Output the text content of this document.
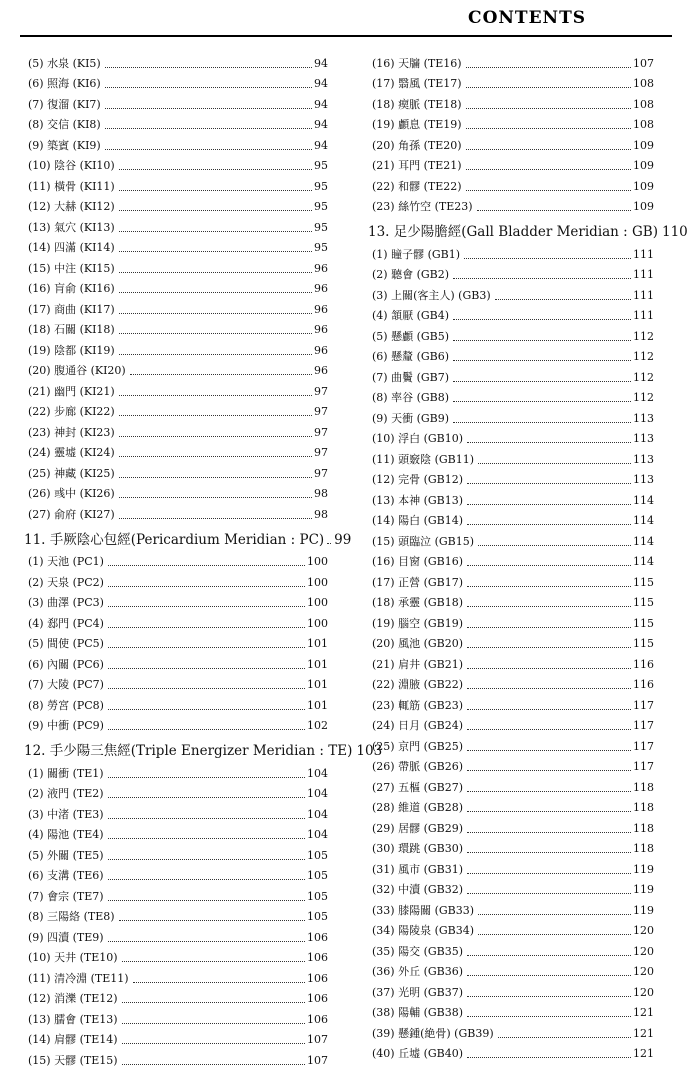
CONTENTS
(5) 水泉 (KI5)	94
(6) 照海 (KI6)	94
(7) 復溜 (KI7)	94
(8) 交信 (KI8)	94
(9) 築賓 (KI9)	94
(10) 陰谷 (KI10)	95
(11) 橫骨 (KI11)	95
(12) 大赫 (KI12)	95
(13) 氣穴 (KI13)	95
(14) 四滿 (KI14)	95
(15) 中注 (KI15)	96
(16) 肓俞 (KI16)	96
(17) 商曲 (KI17)	96
(18) 石關 (KI18)	96
(19) 陰都 (KI19)	96
(20) 腹通谷 (KI20)	96
(21) 幽門 (KI21)	97
(22) 步廊 (KI22)	97
(23) 神封 (KI23)	97
(24) 靈墟 (KI24)	97
(25) 神藏 (KI25)	97
(26) 彧中 (KI26)	98
(27) 俞府 (KI27)	98
11. 手厥陰心包經(Pericardium Meridian : PC) 99
(1) 天池 (PC1)	100
(2) 天泉 (PC2)	100
(3) 曲澤 (PC3)	100
(4) 郄門 (PC4)	100
(5) 間使 (PC5)	101
(6) 內關 (PC6)	101
(7) 大陵 (PC7)	101
(8) 勞宮 (PC8)	101
(9) 中衝 (PC9)	102
12. 手少陽三焦經(Triple Energizer Meridian : TE) 103
(1) 關衝 (TE1)	104
(2) 液門 (TE2)	104
(3) 中渚 (TE3)	104
(4) 陽池 (TE4)	104
(5) 外關 (TE5)	105
(6) 支溝 (TE6)	105
(7) 會宗 (TE7)	105
(8) 三陽絡 (TE8)	105
(9) 四瀆 (TE9)	106
(10) 天井 (TE10)	106
(11) 清冷淵 (TE11)	106
(12) 消濼 (TE12)	106
(13) 臑會 (TE13)	106
(14) 肩髎 (TE14)	107
(15) 天髎 (TE15)	107
(16) 天牖 (TE16)	107
(17) 翳風 (TE17)	108
(18) 瘈脈 (TE18)	108
(19) 顱息 (TE19)	108
(20) 角孫 (TE20)	109
(21) 耳門 (TE21)	109
(22) 和髎 (TE22)	109
(23) 絲竹空 (TE23)	109
13. 足少陽膽經(Gall Bladder Meridian : GB) 110
(1) 瞳子髎 (GB1)	111
(2) 聽會 (GB2)	111
(3) 上關(客主人) (GB3)	111
(4) 頷厭 (GB4)	111
(5) 懸顱 (GB5)	112
(6) 懸釐 (GB6)	112
(7) 曲鬢 (GB7)	112
(8) 率谷 (GB8)	112
(9) 天衝 (GB9)	113
(10) 浮白 (GB10)	113
(11) 頭竅陰 (GB11)	113
(12) 完骨 (GB12)	113
(13) 本神 (GB13)	114
(14) 陽白 (GB14)	114
(15) 頭臨泣 (GB15)	114
(16) 目窗 (GB16)	114
(17) 正營 (GB17)	115
(18) 承靈 (GB18)	115
(19) 腦空 (GB19)	115
(20) 風池 (GB20)	115
(21) 肩井 (GB21)	116
(22) 淵腋 (GB22)	116
(23) 輒筋 (GB23)	117
(24) 日月 (GB24)	117
(25) 京門 (GB25)	117
(26) 帶脈 (GB26)	117
(27) 五樞 (GB27)	118
(28) 維道 (GB28)	118
(29) 居髎 (GB29)	118
(30) 環跳 (GB30)	118
(31) 風市 (GB31)	119
(32) 中瀆 (GB32)	119
(33) 膝陽關 (GB33)	119
(34) 陽陵泉 (GB34)	120
(35) 陽交 (GB35)	120
(36) 外丘 (GB36)	120
(37) 光明 (GB37)	120
(38) 陽輔 (GB38)	121
(39) 懸鍾(絶骨) (GB39)	121
(40) 丘墟 (GB40)	121
